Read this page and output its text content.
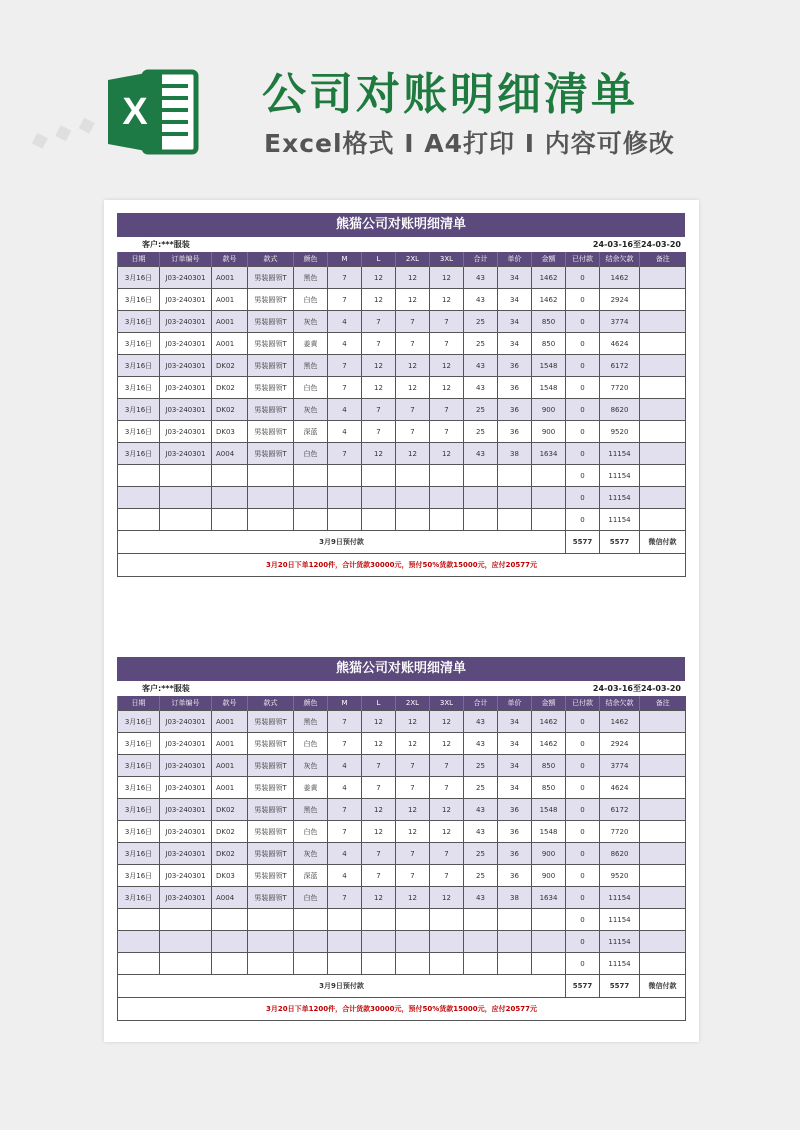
X	公司对账明细清单
Excel格式 Ⅰ A4打印 Ⅰ 内容可修改
熊猫公司对账明细清单
客户:***服装	24-03-16至24-03-20
日期	订单编号	款号	款式	颜色	M	L	2XL	3XL	合计	单价	金额	已付款	结余欠款	备注
3月16日	J03-240301	A001	男装圆领T	黑色	7	12	12	12	43	34	1462	0	1462	
3月16日	J03-240301	A001	男装圆领T	白色	7	12	12	12	43	34	1462	0	2924	
3月16日	J03-240301	A001	男装圆领T	灰色	4	7	7	7	25	34	850	0	3774	
3月16日	J03-240301	A001	男装圆领T	姜黄	4	7	7	7	25	34	850	0	4624	
3月16日	J03-240301	DK02	男装圆领T	黑色	7	12	12	12	43	36	1548	0	6172	
3月16日	J03-240301	DK02	男装圆领T	白色	7	12	12	12	43	36	1548	0	7720	
3月16日	J03-240301	DK02	男装圆领T	灰色	4	7	7	7	25	36	900	0	8620	
3月16日	J03-240301	DK03	男装圆领T	深蓝	4	7	7	7	25	36	900	0	9520	
3月16日	J03-240301	A004	男装圆领T	白色	7	12	12	12	43	38	1634	0	11154	
												0	11154	
												0	11154	
												0	11154	
3月9日预付款												5577	5577	微信付款
3月20日下单1200件，合计货款30000元，预付50%货款15000元，应付20577元														
熊猫公司对账明细清单
客户:***服装	24-03-16至24-03-20
日期	订单编号	款号	款式	颜色	M	L	2XL	3XL	合计	单价	金额	已付款	结余欠款	备注
3月16日	J03-240301	A001	男装圆领T	黑色	7	12	12	12	43	34	1462	0	1462	
3月16日	J03-240301	A001	男装圆领T	白色	7	12	12	12	43	34	1462	0	2924	
3月16日	J03-240301	A001	男装圆领T	灰色	4	7	7	7	25	34	850	0	3774	
3月16日	J03-240301	A001	男装圆领T	姜黄	4	7	7	7	25	34	850	0	4624	
3月16日	J03-240301	DK02	男装圆领T	黑色	7	12	12	12	43	36	1548	0	6172	
3月16日	J03-240301	DK02	男装圆领T	白色	7	12	12	12	43	36	1548	0	7720	
3月16日	J03-240301	DK02	男装圆领T	灰色	4	7	7	7	25	36	900	0	8620	
3月16日	J03-240301	DK03	男装圆领T	深蓝	4	7	7	7	25	36	900	0	9520	
3月16日	J03-240301	A004	男装圆领T	白色	7	12	12	12	43	38	1634	0	11154	
												0	11154	
												0	11154	
												0	11154	
3月9日预付款												5577	5577	微信付款
3月20日下单1200件，合计货款30000元，预付50%货款15000元，应付20577元														
◆ ◆ ◆
